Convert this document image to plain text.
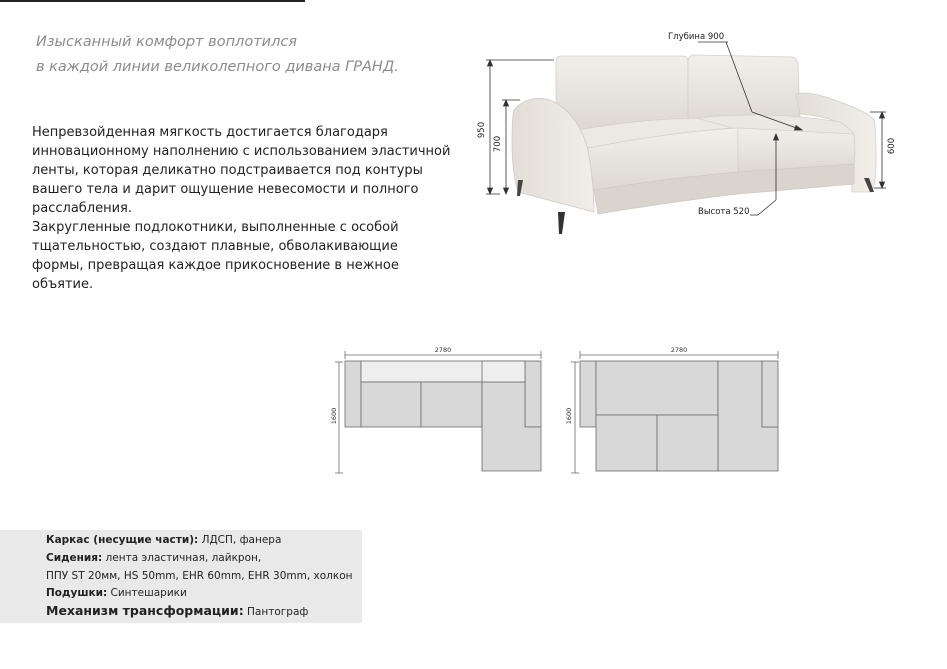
Изысканный комфорт воплотился
в каждой линии великолепного дивана ГРАНД.

Непревзойденная мягкость достигается благодаря инновационному наполнению с использованием эластичной ленты, которая деликатно подстраивается под контуры вашего тела и дарит ощущение невесомости и полного расслабления.

Закругленные подлокотники, выполненные с особой тщательностью, создают плавные, обволакивающие формы, превращая каждое прикосновение в нежное объятие.

950
700	600
Глубина 900
Высота 520
2780
1600
2780
1600
Каркас (несущие части): ЛДСП, фанера
Сидения: лента эластичная, лайкрон,
ППУ ST 20мм, HS 50mm, EHR 60mm, EHR 30mm, холкон
Подушки: Синтешарики
Механизм трансформации: Пантограф
